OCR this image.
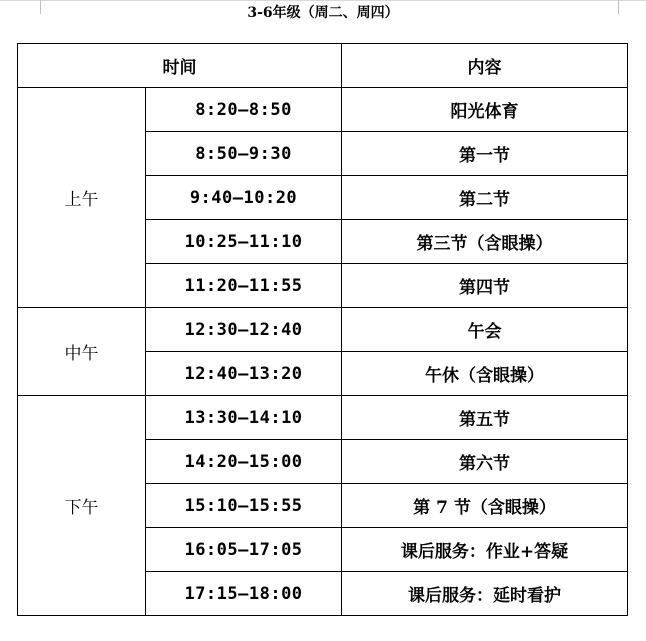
3-6年级（周二、周四）
时间		内容
上午	8:20—8:50	阳光体育
	8:50—9:30	第一节
	9:40—10:20	第二节
	10:25—11:10	第三节（含眼操）
	11:20—11:55	第四节
中午	12:30—12:40	午会
	12:40—13:20	午休（含眼操）
下午	13:30—14:10	第五节
	14:20—15:00	第六节
	15:10—15:55	第 7 节（含眼操）
	16:05—17:05	课后服务：作业+答疑
	17:15—18:00	课后服务：延时看护
